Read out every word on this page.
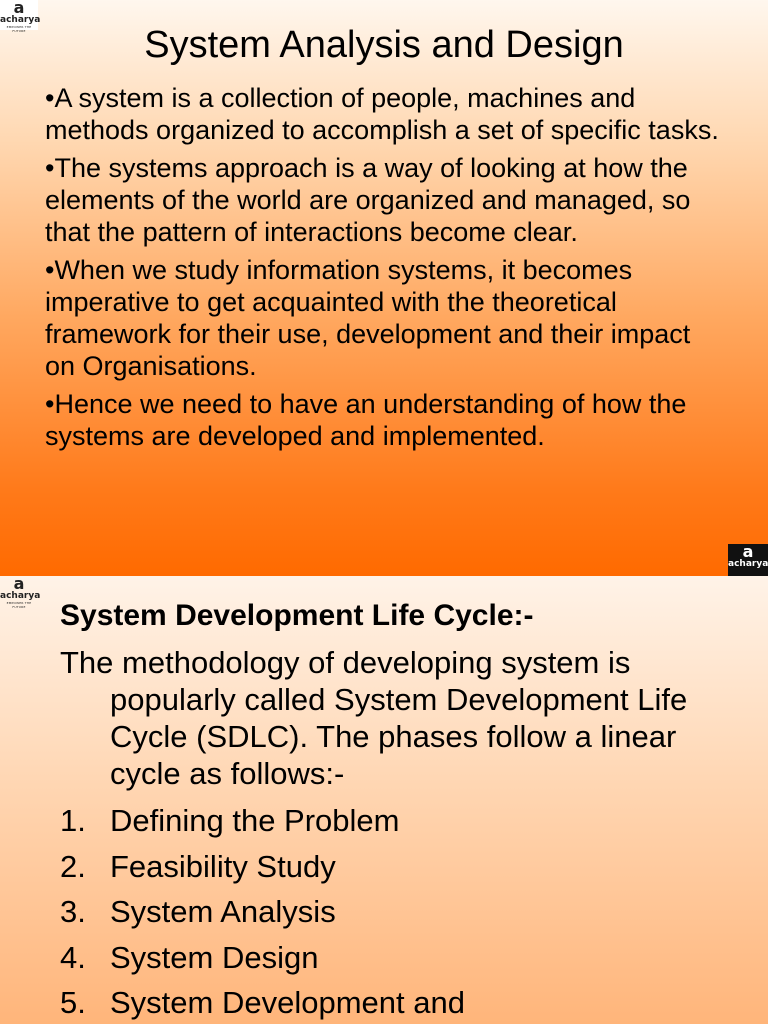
a
acharya
EMPOWER THE FUTURE	System Analysis and Design
•A system is a collection of people, machines and methods organized to accomplish a set of specific tasks.
•The systems approach is a way of looking at how the elements of the world are organized and managed, so that the pattern of interactions become clear.
•When we study information systems, it becomes imperative to get acquainted with the theoretical framework for their use, development and their impact on Organisations.
•Hence we need to have an understanding of how the systems are developed and implemented.
a
acharya
a
acharya
EMPOWER THE FUTURE	System Development Life Cycle:-
The methodology of developing system is
popularly called System Development Life Cycle (SDLC). The phases follow a linear cycle as follows:-
1. Defining the Problem
2. Feasibility Study
3. System Analysis
4. System Design
5. System Development and
